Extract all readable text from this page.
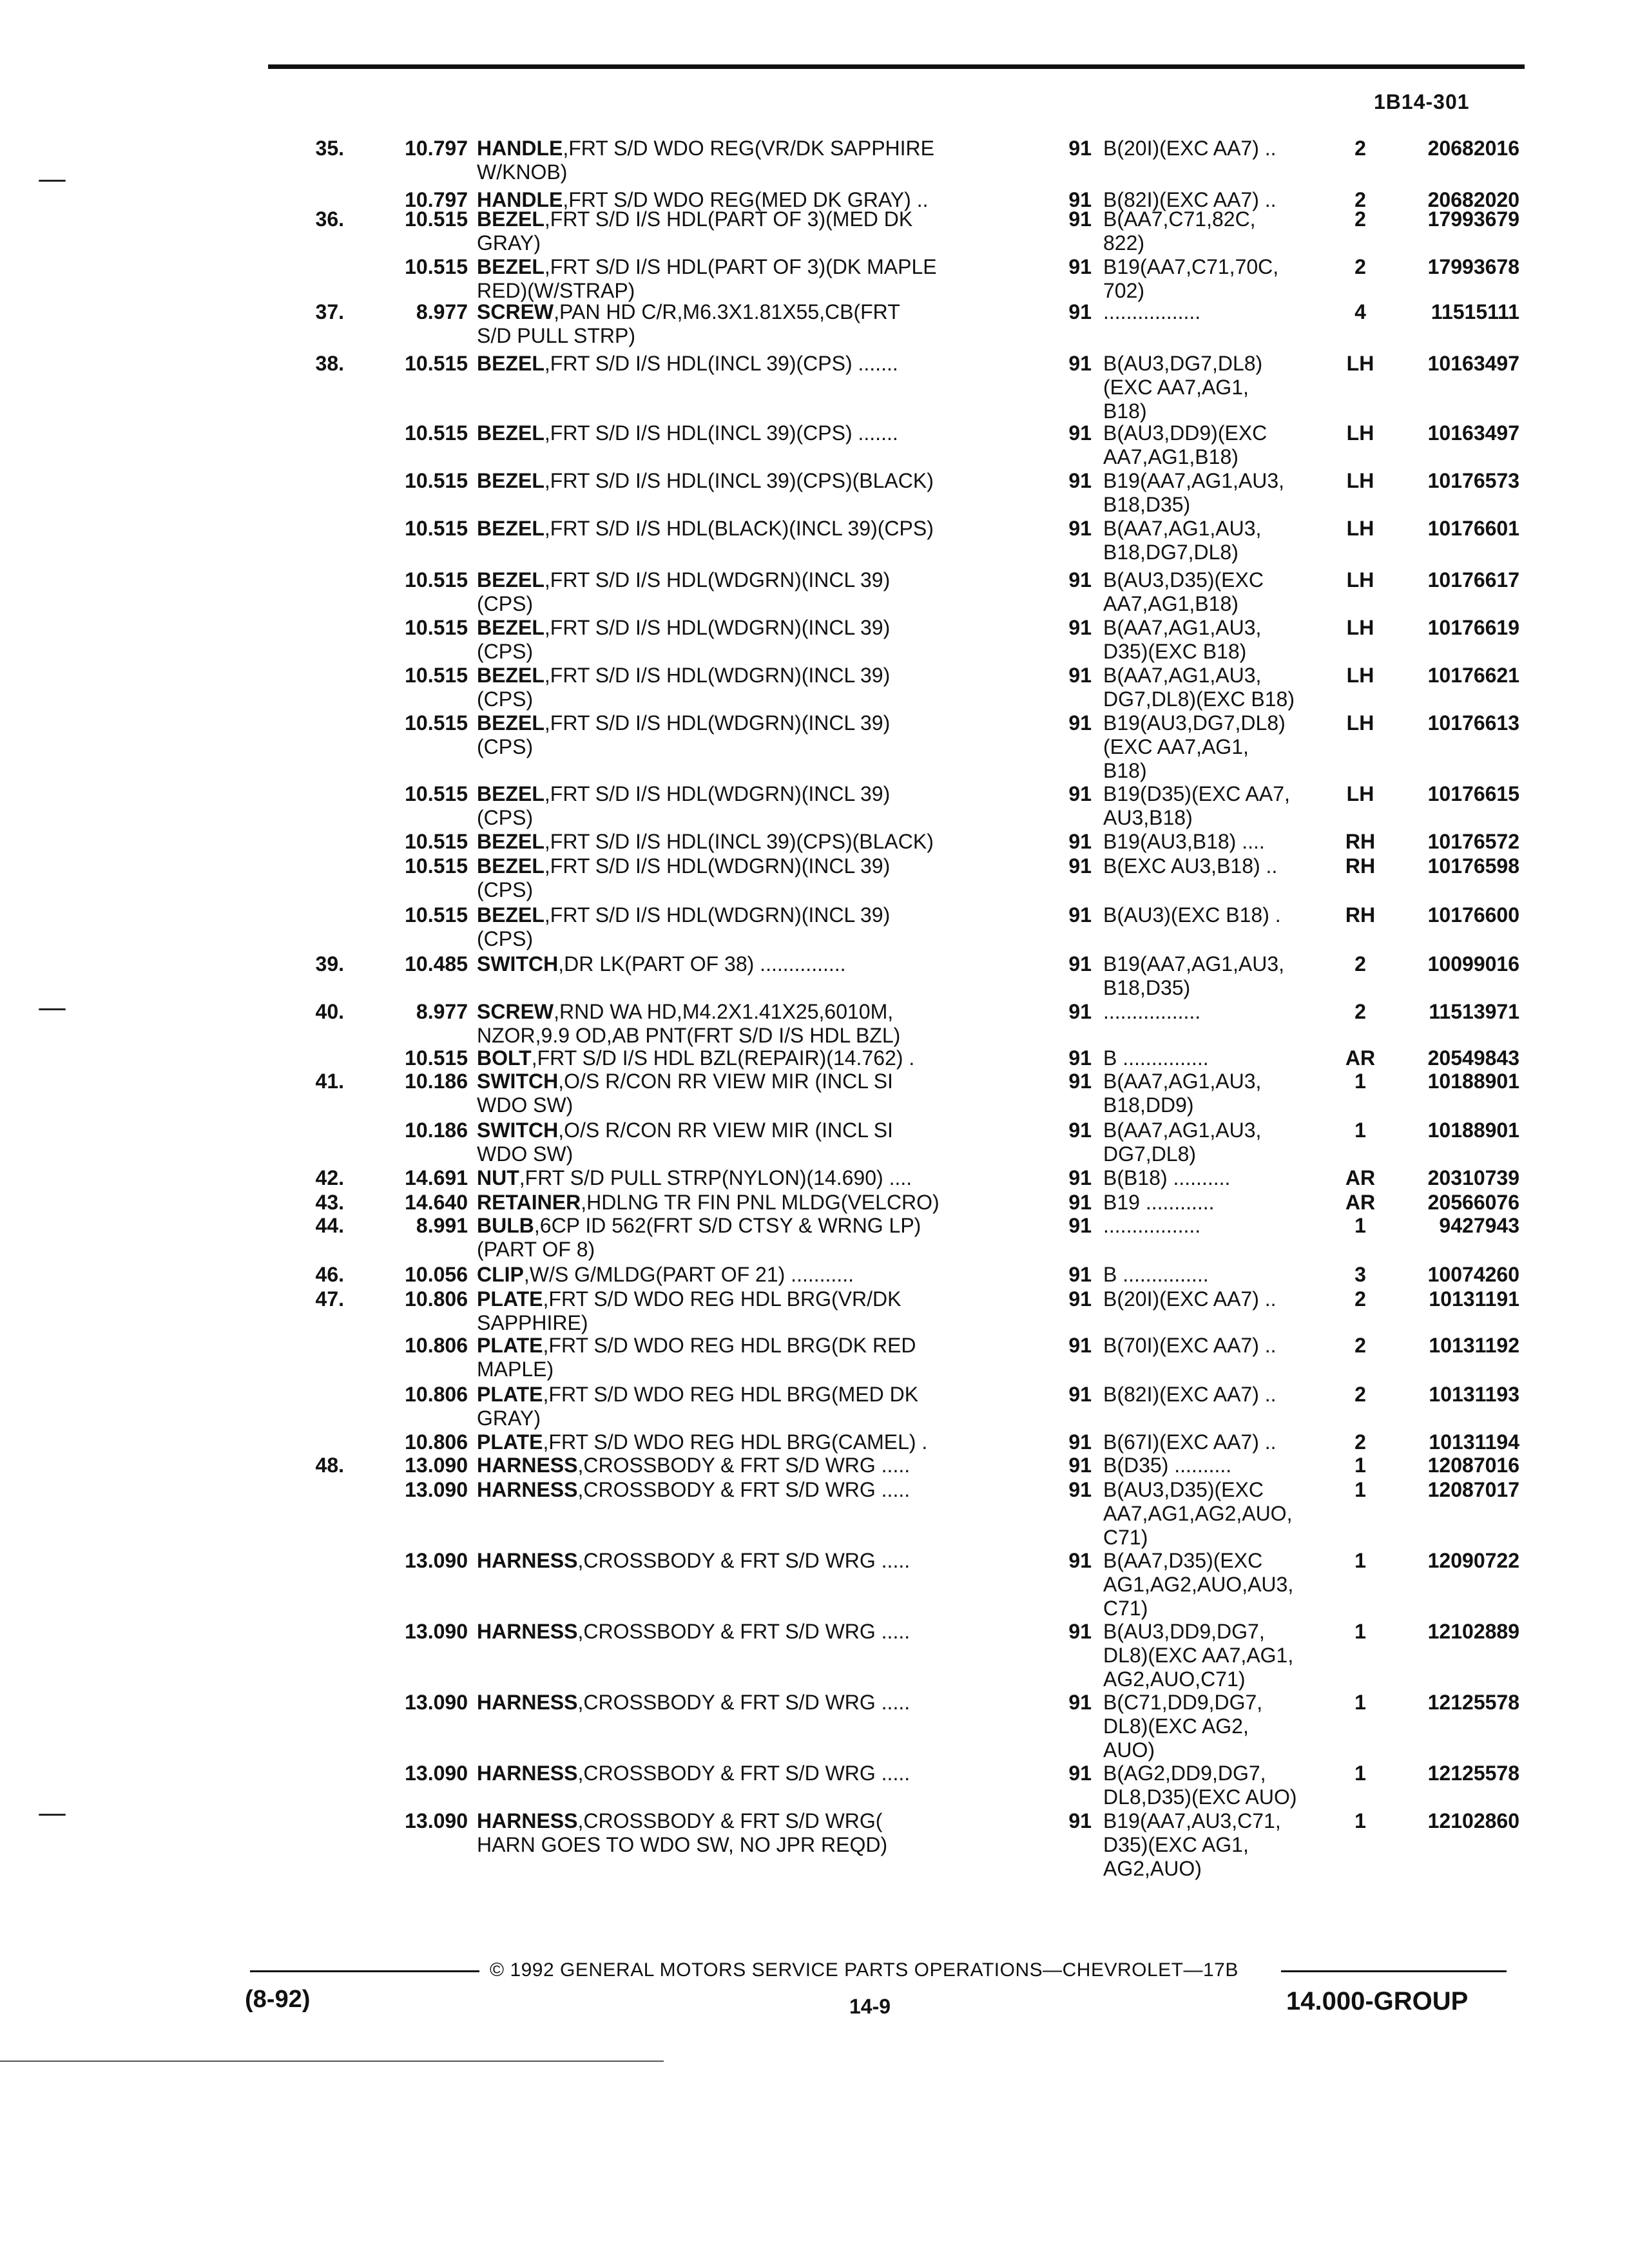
1B14-301
35.	10.797 HANDLE,FRT S/D WDO REG(VR/DK SAPPHIRE
W/KNOB)
91 B(20I)(EXC AA7) ..	2	20682016
10.797 HANDLE,FRT S/D WDO REG(MED DK GRAY) ..	91 B(82I)(EXC AA7) ..	2	20682020
36.	10.515 BEZEL,FRT S/D I/S HDL(PART OF 3)(MED DK
GRAY)
91 B(AA7,C71,82C,
822)
2	17993679
10.515 BEZEL,FRT S/D I/S HDL(PART OF 3)(DK MAPLE
RED)(W/STRAP)
91 B19(AA7,C71,70C,
702)
2	17993678
37.	8.977 SCREW,PAN HD C/R,M6.3X1.81X55,CB(FRT
S/D PULL STRP)
91 .................	4	11515111
38.	10.515 BEZEL,FRT S/D I/S HDL(INCL 39)(CPS) .......	91 B(AU3,DG7,DL8)
(EXC AA7,AG1,
B18)
LH	10163497
10.515 BEZEL,FRT S/D I/S HDL(INCL 39)(CPS) .......	91 B(AU3,DD9)(EXC
AA7,AG1,B18)
LH	10163497
10.515 BEZEL,FRT S/D I/S HDL(INCL 39)(CPS)(BLACK)	91 B19(AA7,AG1,AU3,
B18,D35)
LH	10176573
10.515 BEZEL,FRT S/D I/S HDL(BLACK)(INCL 39)(CPS)	91 B(AA7,AG1,AU3,
B18,DG7,DL8)
LH	10176601
10.515 BEZEL,FRT S/D I/S HDL(WDGRN)(INCL 39)
(CPS)
91 B(AU3,D35)(EXC
AA7,AG1,B18)
LH	10176617
10.515 BEZEL,FRT S/D I/S HDL(WDGRN)(INCL 39)
(CPS)
91 B(AA7,AG1,AU3,
D35)(EXC B18)
LH	10176619
10.515 BEZEL,FRT S/D I/S HDL(WDGRN)(INCL 39)
(CPS)
91 B(AA7,AG1,AU3,
DG7,DL8)(EXC B18)
LH	10176621
10.515 BEZEL,FRT S/D I/S HDL(WDGRN)(INCL 39)
(CPS)
91 B19(AU3,DG7,DL8)
(EXC AA7,AG1,
B18)
LH	10176613
10.515 BEZEL,FRT S/D I/S HDL(WDGRN)(INCL 39)
(CPS)
91 B19(D35)(EXC AA7,
AU3,B18)
LH	10176615
10.515 BEZEL,FRT S/D I/S HDL(INCL 39)(CPS)(BLACK)	91 B19(AU3,B18) ....	RH	10176572
10.515 BEZEL,FRT S/D I/S HDL(WDGRN)(INCL 39)
(CPS)
91 B(EXC AU3,B18) ..	RH	10176598
10.515 BEZEL,FRT S/D I/S HDL(WDGRN)(INCL 39)
(CPS)
91 B(AU3)(EXC B18) .	RH	10176600
39.	10.485 SWITCH,DR LK(PART OF 38) ...............	91 B19(AA7,AG1,AU3,
B18,D35)
2	10099016
40.	8.977 SCREW,RND WA HD,M4.2X1.41X25,6010M,
NZOR,9.9 OD,AB PNT(FRT S/D I/S HDL BZL)
91 .................	2	11513971
10.515 BOLT,FRT S/D I/S HDL BZL(REPAIR)(14.762) .	91 B ...............	AR	20549843
41.	10.186 SWITCH,O/S R/CON RR VIEW MIR (INCL SI
WDO SW)
91 B(AA7,AG1,AU3,
B18,DD9)
1	10188901
10.186 SWITCH,O/S R/CON RR VIEW MIR (INCL SI
WDO SW)
91 B(AA7,AG1,AU3,
DG7,DL8)
1	10188901
42.	14.691 NUT,FRT S/D PULL STRP(NYLON)(14.690) ....	91 B(B18) ..........	AR	20310739
43.	14.640 RETAINER,HDLNG TR FIN PNL MLDG(VELCRO)	91 B19 ............	AR	20566076
44.	8.991 BULB,6CP ID 562(FRT S/D CTSY & WRNG LP)
(PART OF 8)
91 .................	1	9427943
46.	10.056 CLIP,W/S G/MLDG(PART OF 21) ...........	91 B ...............	3	10074260
47.	10.806 PLATE,FRT S/D WDO REG HDL BRG(VR/DK
SAPPHIRE)
91 B(20I)(EXC AA7) ..	2	10131191
10.806 PLATE,FRT S/D WDO REG HDL BRG(DK RED
MAPLE)
91 B(70I)(EXC AA7) ..	2	10131192
10.806 PLATE,FRT S/D WDO REG HDL BRG(MED DK
GRAY)
91 B(82I)(EXC AA7) ..	2	10131193
10.806 PLATE,FRT S/D WDO REG HDL BRG(CAMEL) .	91 B(67I)(EXC AA7) ..	2	10131194
48.	13.090 HARNESS,CROSSBODY & FRT S/D WRG .....	91 B(D35) ..........	1	12087016
13.090 HARNESS,CROSSBODY & FRT S/D WRG .....	91 B(AU3,D35)(EXC
AA7,AG1,AG2,AUO,
C71)
1	12087017
13.090 HARNESS,CROSSBODY & FRT S/D WRG .....	91 B(AA7,D35)(EXC
AG1,AG2,AUO,AU3,
C71)
1	12090722
13.090 HARNESS,CROSSBODY & FRT S/D WRG .....	91 B(AU3,DD9,DG7,
DL8)(EXC AA7,AG1,
AG2,AUO,C71)
1	12102889
13.090 HARNESS,CROSSBODY & FRT S/D WRG .....	91 B(C71,DD9,DG7,
DL8)(EXC AG2,
AUO)
1	12125578
13.090 HARNESS,CROSSBODY & FRT S/D WRG .....	91 B(AG2,DD9,DG7,
DL8,D35)(EXC AUO)
1	12125578
13.090 HARNESS,CROSSBODY & FRT S/D WRG(
HARN GOES TO WDO SW, NO JPR REQD)
91 B19(AA7,AU3,C71,
D35)(EXC AG1,
AG2,AUO)
1	12102860
© 1992 GENERAL MOTORS SERVICE PARTS OPERATIONS—CHEVROLET—17B
(8-92)	14-9	14.000-GROUP
